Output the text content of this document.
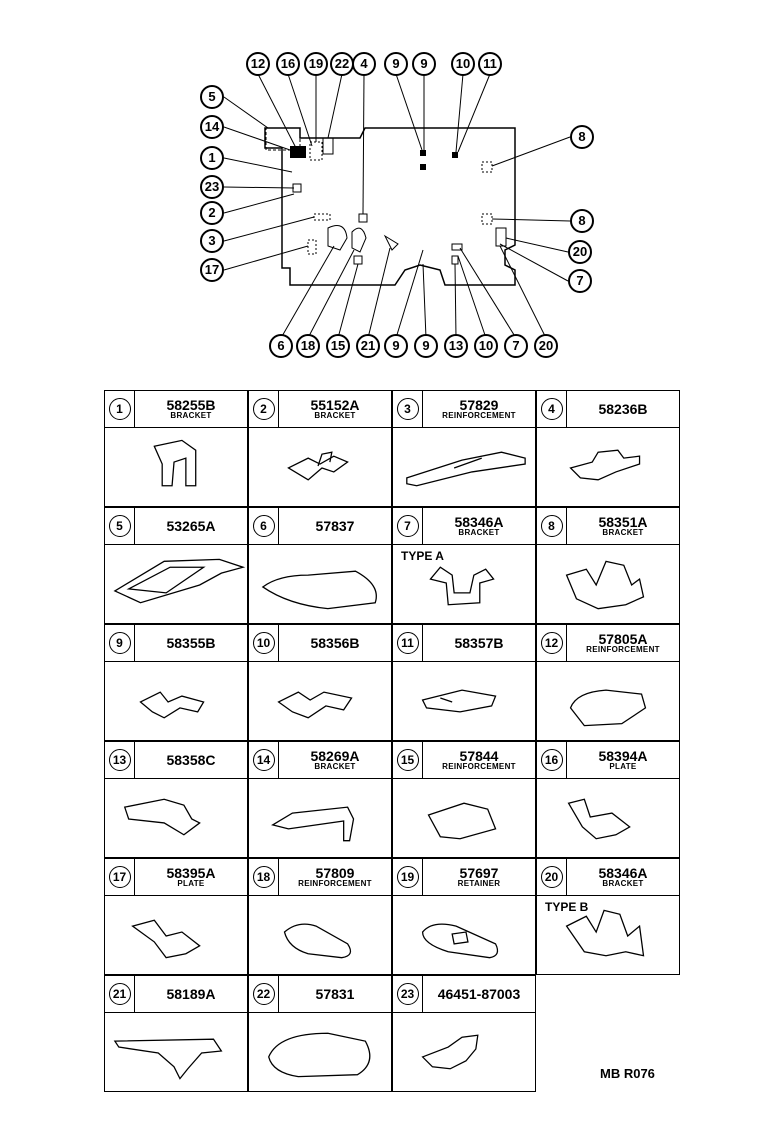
12	16	19 22 4	9	9	10 11
5
14
1
23
2
3
17
8
8
20
7
6	18	15	21	9	9	13	10	7	20
1	58255B
BRACKET	2	55152A
BRACKET	3	57829
REINFORCEMENT	4	58236B
5	53265A	6	57837	7	58346A
BRACKET
TYPE A
8	58351A
BRACKET
9	58355B	10	58356B	11	58357B	12	57805A
REINFORCEMENT
13	58358C	14	58269A
BRACKET	15	57844
REINFORCEMENT	16	58394A
PLATE
17	58395A
PLATE	18	57809
REINFORCEMENT	19	57697
RETAINER	20	58346A
BRACKET
TYPE B
21	58189A	22	57831	23	46451-87003
MB R076
